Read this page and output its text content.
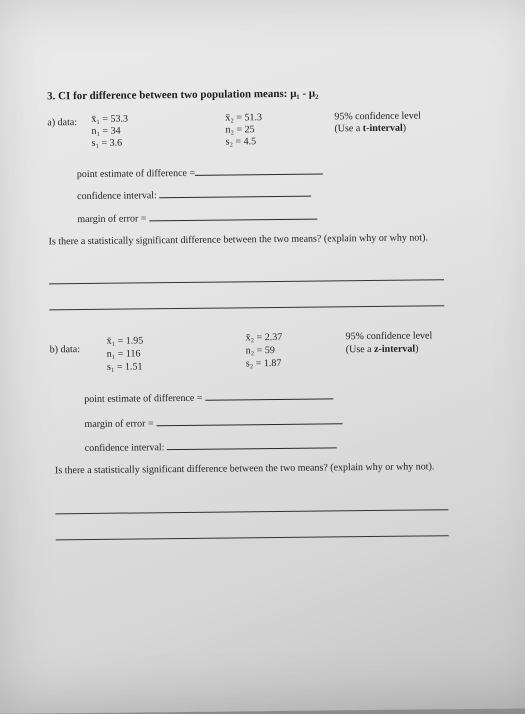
3. CI for difference between two population means: μ₁ - μ₂
a) data: x̄₁ = 53.3
n₁ = 34
s₁ = 3.6
x̄₂ = 51.3
n₂ = 25
s₂ = 4.5
95% confidence level
(Use a t-interval)
point estimate of difference =
confidence interval:
margin of error =
Is there a statistically significant difference between the two means? (explain why or why not).
b) data:
x̄₁ = 1.95
n₁ = 116
s₁ = 1.51
x̄₂ = 2.37
n₂ = 59
s₂ = 1.87
95% confidence level
(Use a z-interval)
point estimate of difference =
margin of error =
confidence interval:
Is there a statistically significant difference between the two means? (explain why or why not).
